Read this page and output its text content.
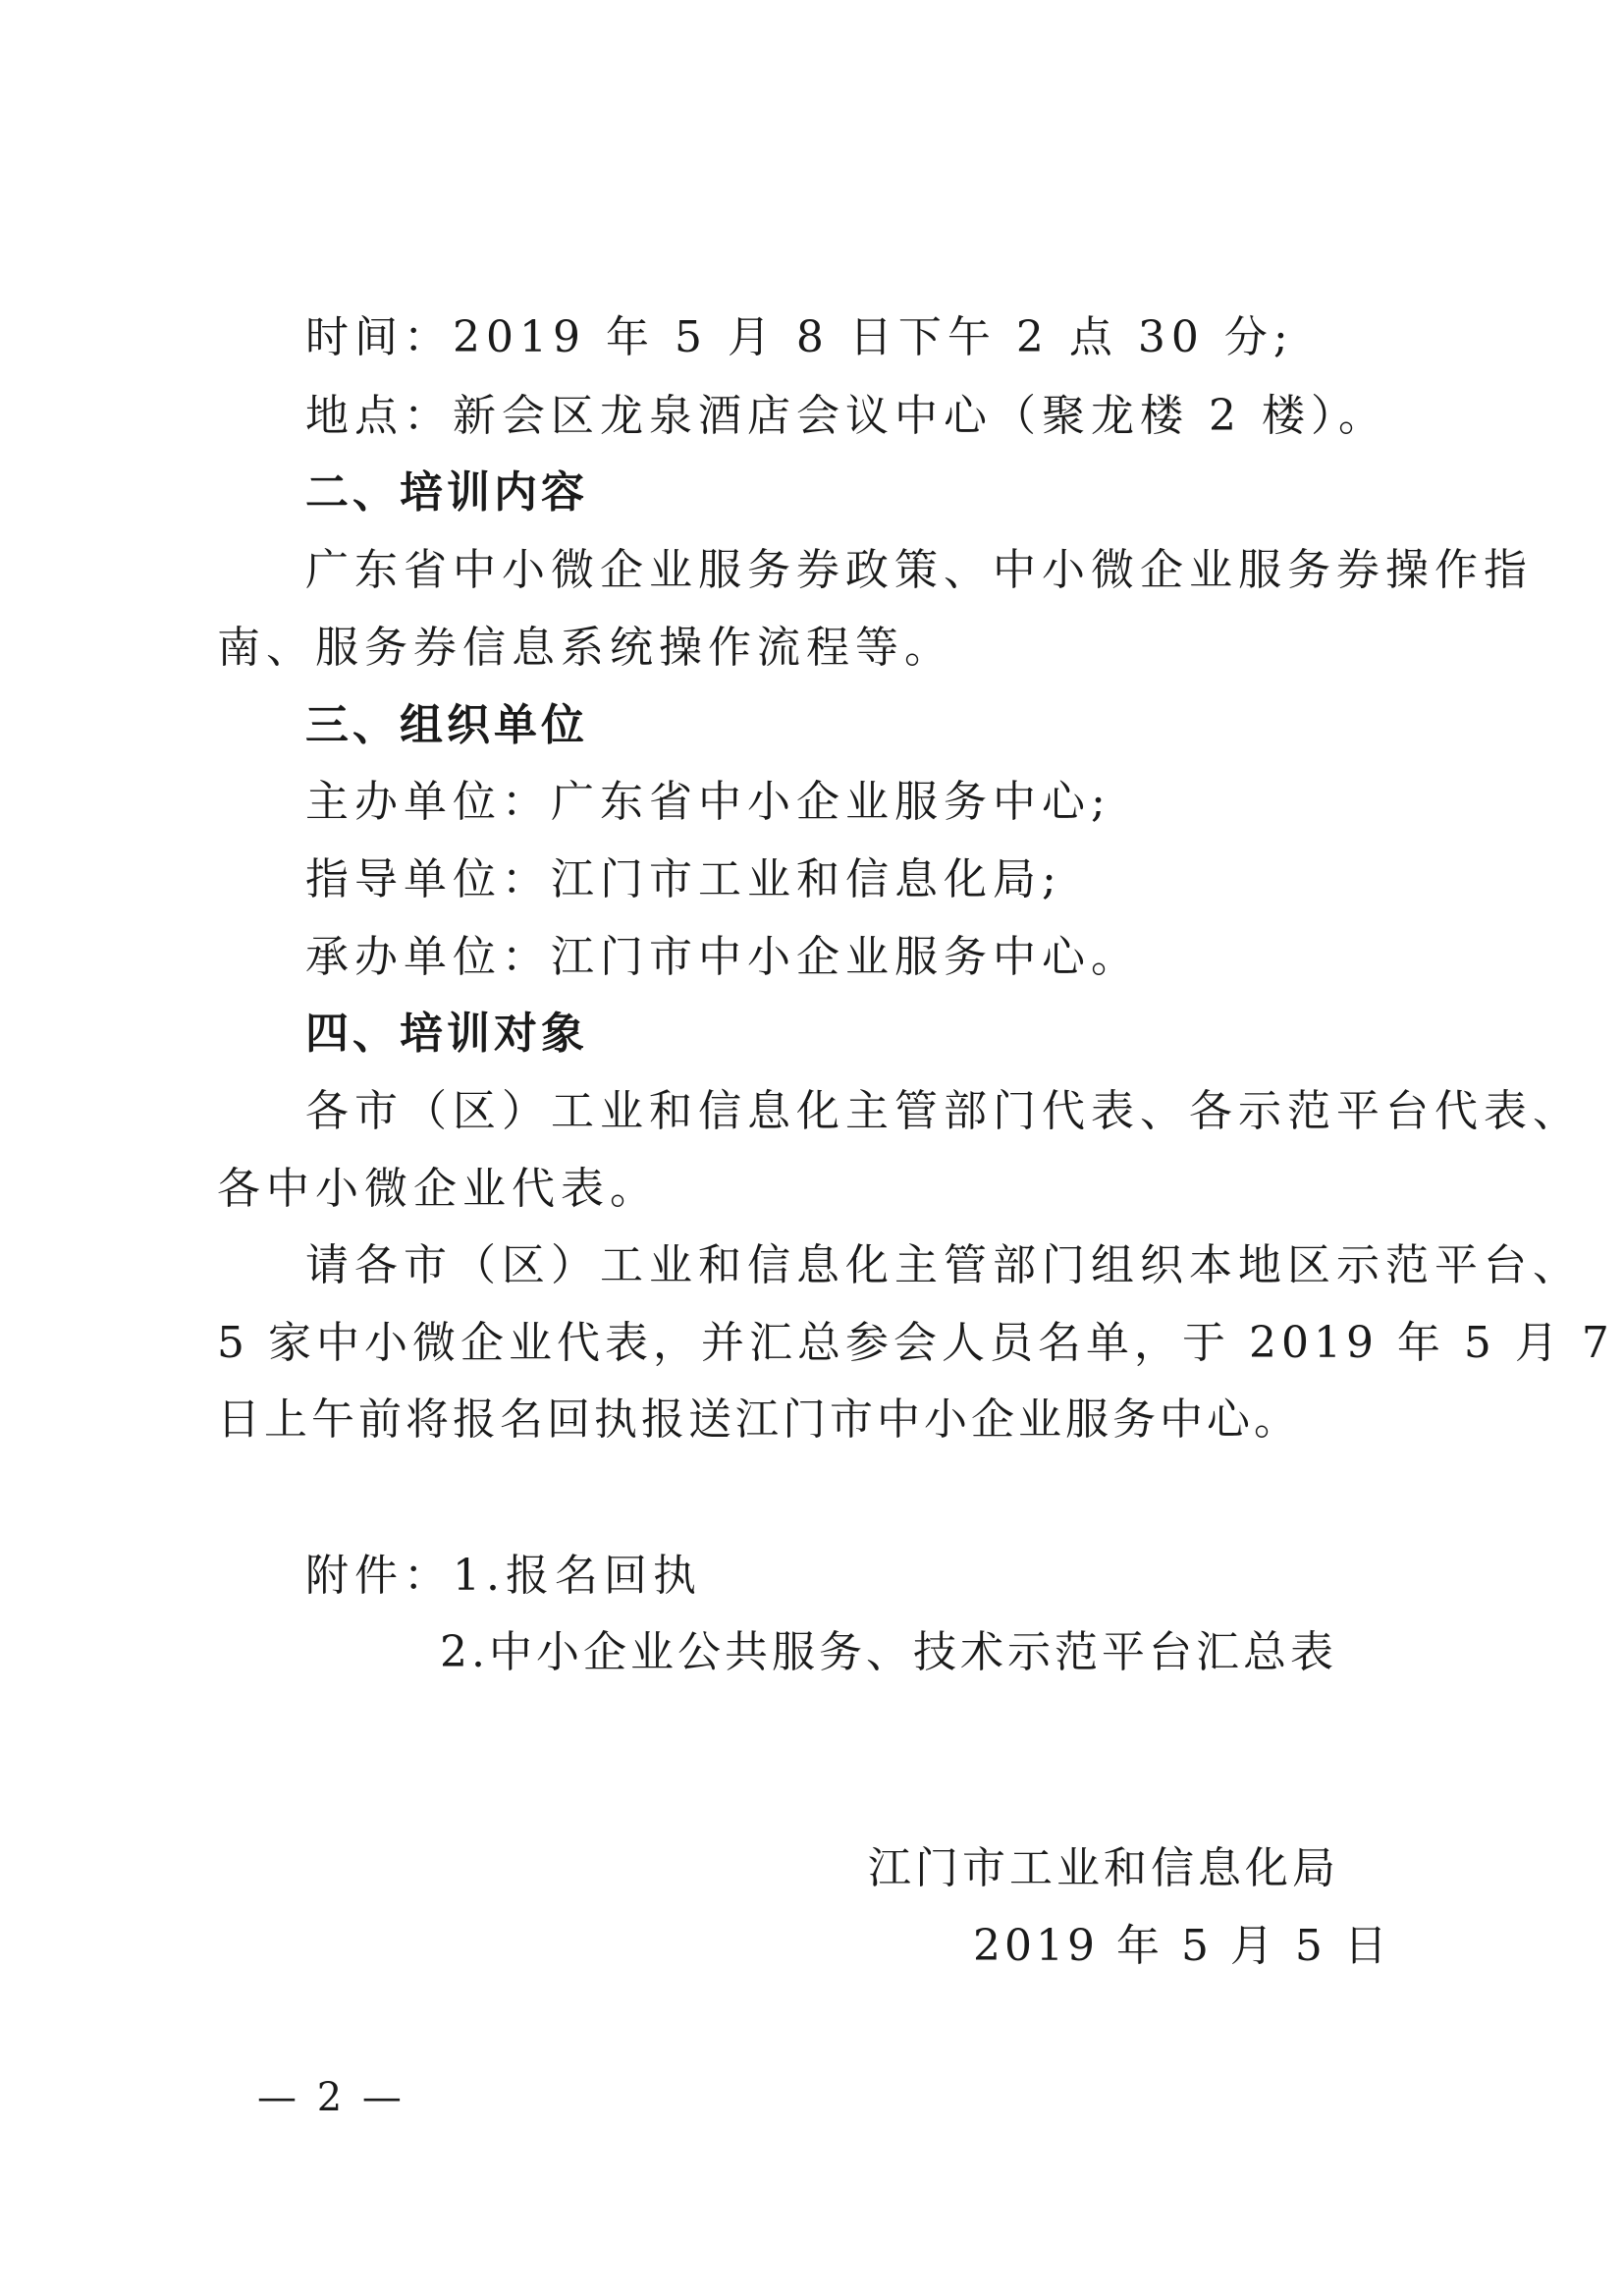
时间：2019 年 5 月 8 日下午 2 点 30 分;
地点：新会区龙泉酒店会议中心（聚龙楼 2 楼）。
二、培训内容
广东省中小微企业服务券政策、中小微企业服务券操作指
南、服务券信息系统操作流程等。
三、组织单位
主办单位：广东省中小企业服务中心;
指导单位：江门市工业和信息化局;
承办单位：江门市中小企业服务中心。
四、培训对象
各市（区）工业和信息化主管部门代表、各示范平台代表、
各中小微企业代表。
请各市（区）工业和信息化主管部门组织本地区示范平台、
5 家中小微企业代表，并汇总参会人员名单，于 2019 年 5 月 7
日上午前将报名回执报送江门市中小企业服务中心。
附件：1.报名回执
2.中小企业公共服务、技术示范平台汇总表
江门市工业和信息化局
2019 年 5 月 5 日
— 2 —
